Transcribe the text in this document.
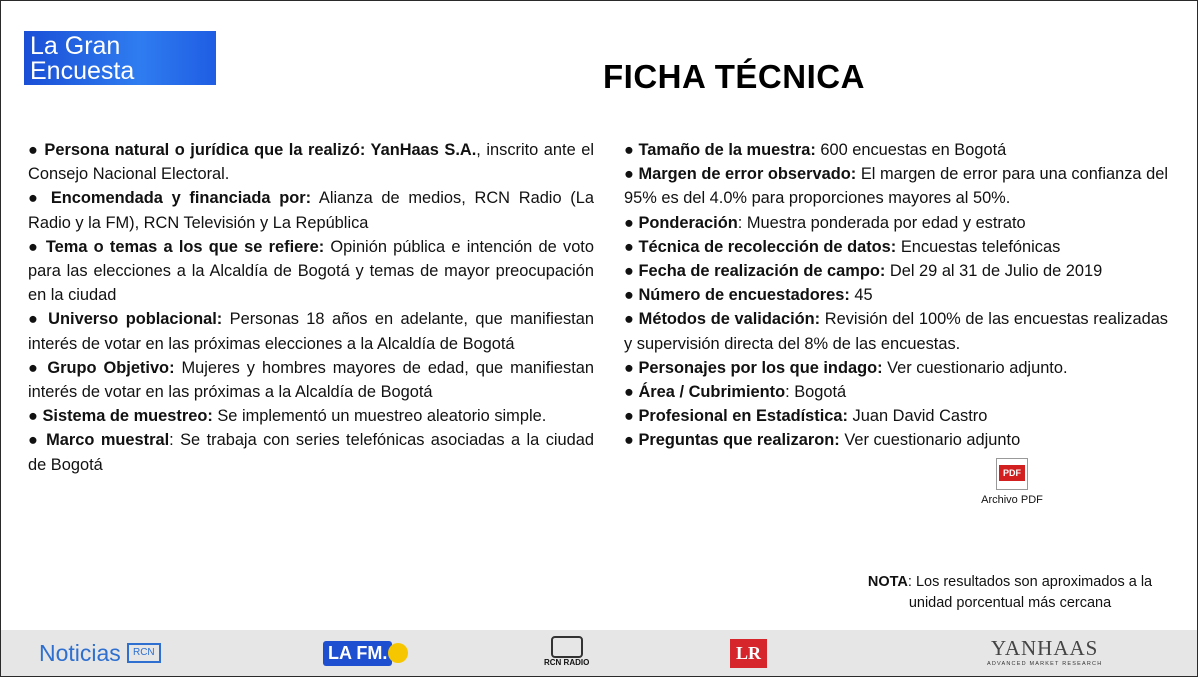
La Gran
Encuesta	FICHA TÉCNICA

● Persona natural o jurídica que la realizó: YanHaas S.A., inscrito ante el Consejo Nacional Electoral.

● Encomendada y financiada por: Alianza de medios, RCN Radio (La Radio y la FM), RCN Televisión y La República

● Tema o temas a los que se refiere: Opinión pública e intención de voto para las elecciones a la Alcaldía de Bogotá y temas de mayor preocupación en la ciudad

● Universo poblacional: Personas 18 años en adelante, que manifiestan interés de votar en las próximas elecciones a la Alcaldía de Bogotá

● Grupo Objetivo: Mujeres y hombres mayores de edad, que manifiestan interés de votar en las próximas a la Alcaldía de Bogotá

● Sistema de muestreo: Se implementó un muestreo aleatorio simple.

● Marco muestral: Se trabaja con series telefónicas asociadas a la ciudad de Bogotá

● Tamaño de la muestra: 600 encuestas en Bogotá

● Margen de error observado: El margen de error para una confianza del 95% es del 4.0% para proporciones mayores al 50%.

● Ponderación: Muestra ponderada por edad y estrato

● Técnica de recolección de datos: Encuestas telefónicas

● Fecha de realización de campo: Del 29 al 31 de Julio de 2019

● Número de encuestadores: 45

● Métodos de validación: Revisión del 100% de las encuestas realizadas y supervisión directa del 8% de las encuestas.

● Personajes por los que indago: Ver cuestionario adjunto.

● Área / Cubrimiento: Bogotá

● Profesional en Estadística: Juan David Castro

● Preguntas que realizaron: Ver cuestionario adjunto

PDF
Archivo PDF
NOTA: Los resultados son aproximados a la unidad porcentual más cercana
Noticias	RCN	LA FM.	RCN RADIO	LR	YANHAAS
ADVANCED MARKET RESEARCH
